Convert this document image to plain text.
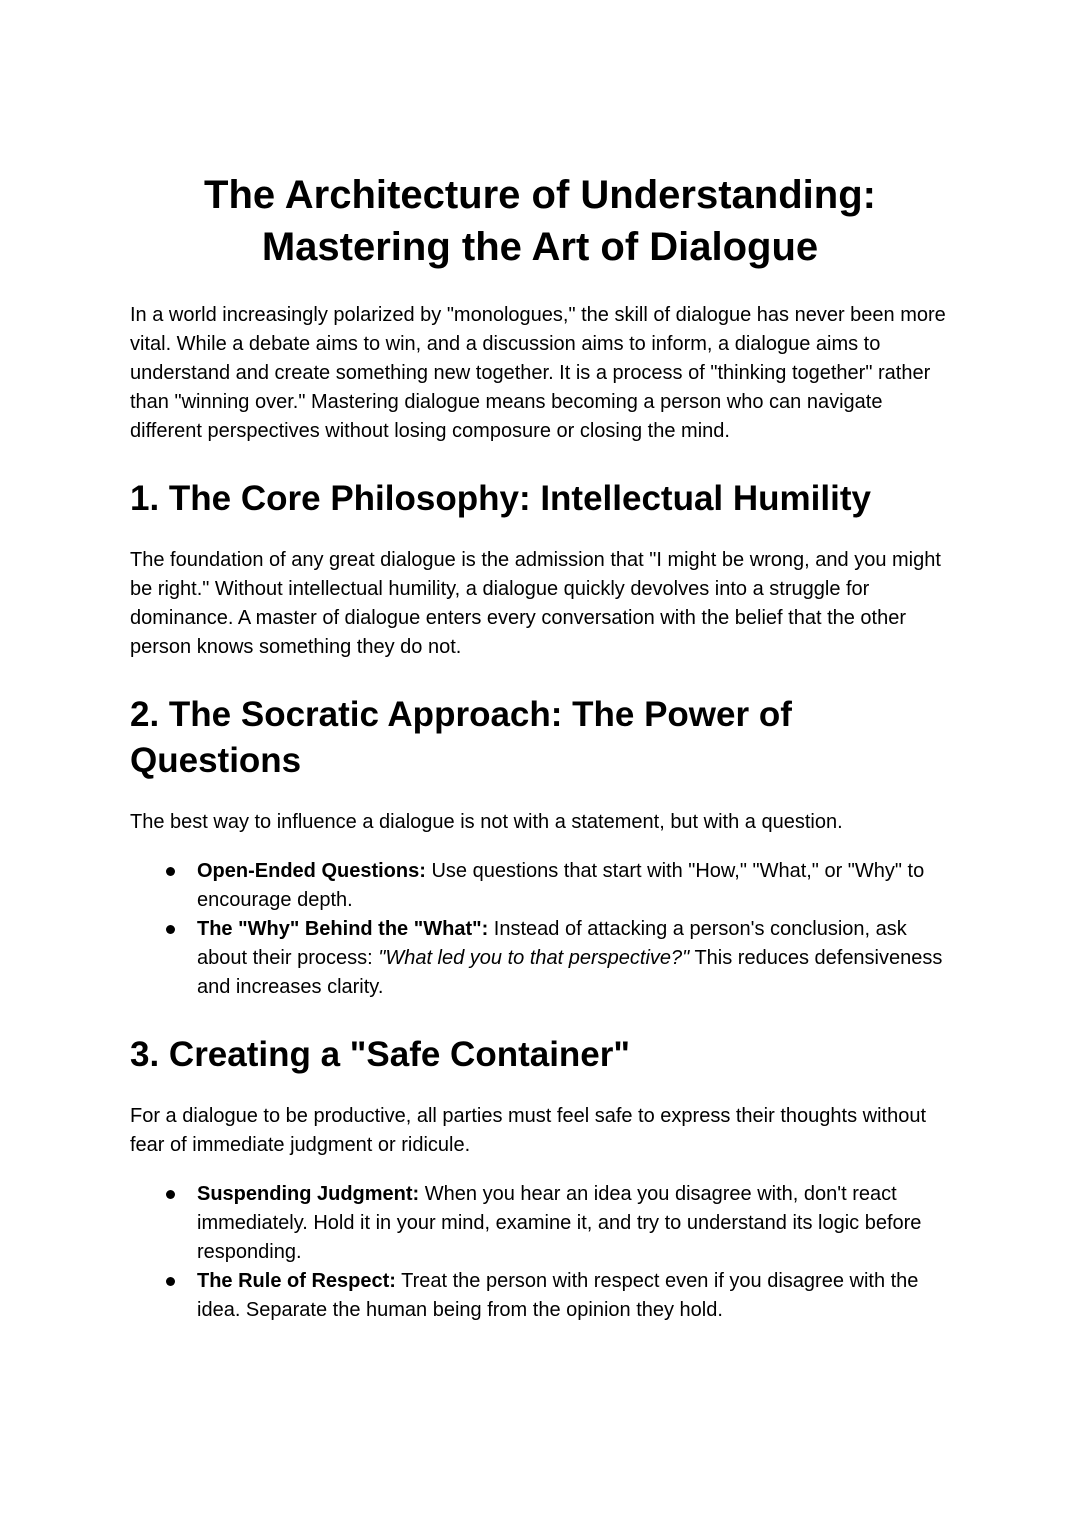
The Architecture of Understanding:
Mastering the Art of Dialogue

In a world increasingly polarized by "monologues," the skill of dialogue has never been more vital. While a debate aims to win, and a discussion aims to inform, a dialogue aims to understand and create something new together. It is a process of "thinking together" rather than "winning over." Mastering dialogue means becoming a person who can navigate different perspectives without losing composure or closing the mind.

1. The Core Philosophy: Intellectual Humility

The foundation of any great dialogue is the admission that "I might be wrong, and you might be right." Without intellectual humility, a dialogue quickly devolves into a struggle for dominance. A master of dialogue enters every conversation with the belief that the other person knows something they do not.

2. The Socratic Approach: The Power of Questions

The best way to influence a dialogue is not with a statement, but with a question.

Open-Ended Questions: Use questions that start with "How," "What," or "Why" to encourage depth.
The "Why" Behind the "What": Instead of attacking a person's conclusion, ask about their process: "What led you to that perspective?" This reduces defensiveness and increases clarity.
3. Creating a "Safe Container"

For a dialogue to be productive, all parties must feel safe to express their thoughts without fear of immediate judgment or ridicule.

Suspending Judgment: When you hear an idea you disagree with, don't react immediately. Hold it in your mind, examine it, and try to understand its logic before responding.
The Rule of Respect: Treat the person with respect even if you disagree with the idea. Separate the human being from the opinion they hold.
